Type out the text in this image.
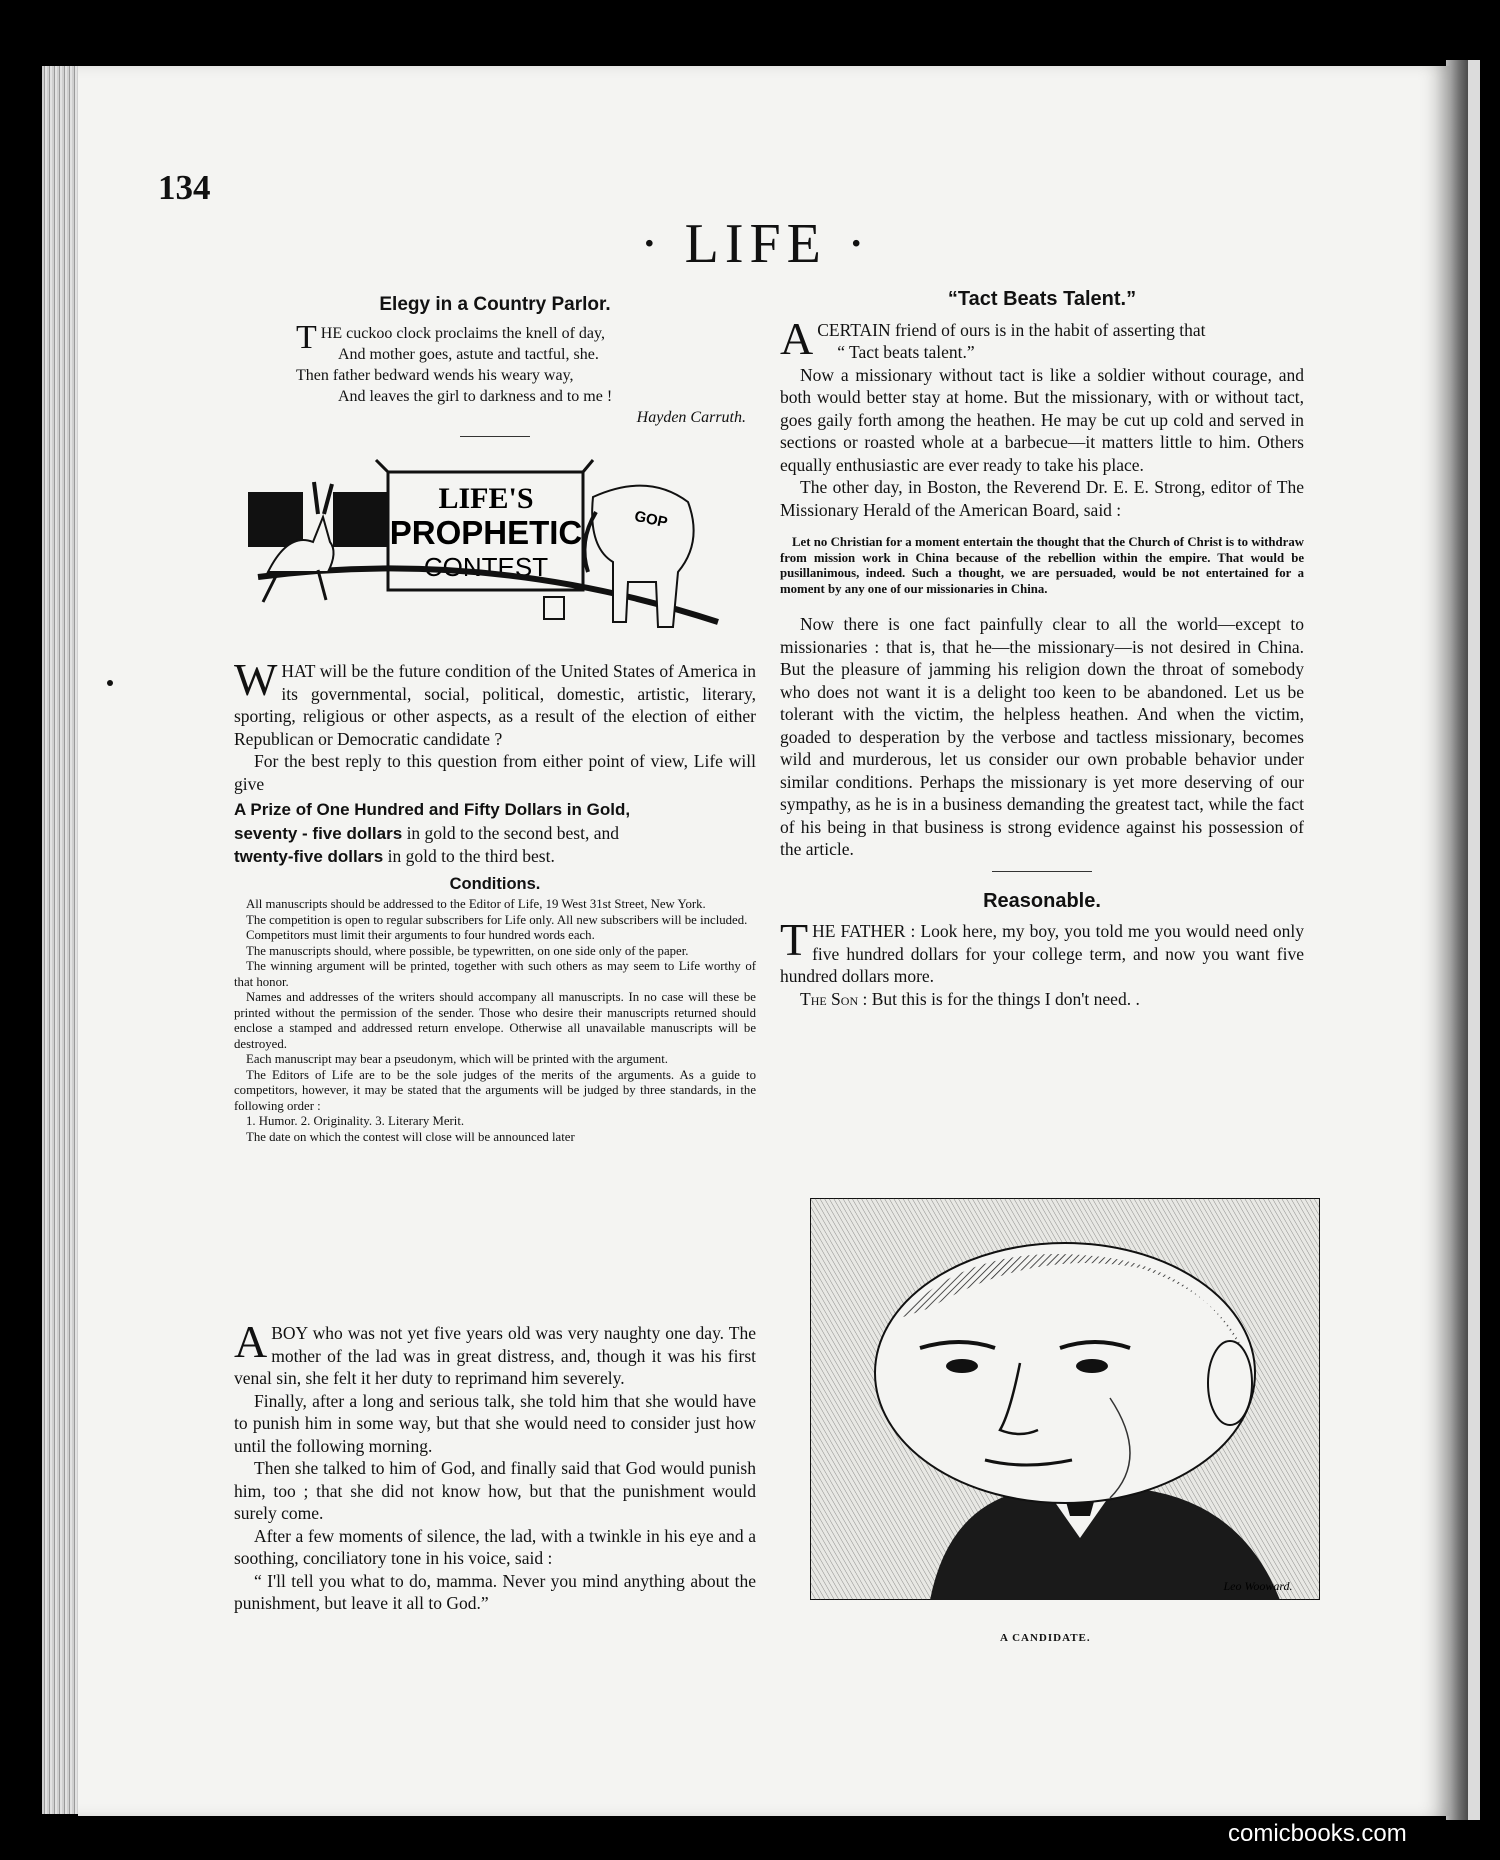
134
· LIFE ·
Elegy in a Country Parlor.
THE cuckoo clock proclaims the knell of day,
And mother goes, astute and tactful, she.
Then father bedward wends his weary way,
And leaves the girl to darkness and to me !
Hayden Carruth.
LIFE'S
PROPHETIC
CONTEST
GOP

WHAT will be the future condition of the United States of America in its governmental, social, political, domestic, artistic, literary, sporting, religious or other aspects, as a result of the election of either Republican or Democratic candidate ?

For the best reply to this question from either point of view, Life will give

A Prize of One Hundred and Fifty Dollars in Gold,

seventy - five dollars in gold to the second best, and

twenty-five dollars in gold to the third best.

Conditions.

All manuscripts should be addressed to the Editor of Life, 19 West 31st Street, New York.

The competition is open to regular subscribers for Life only. All new subscribers will be included.

Competitors must limit their arguments to four hundred words each.

The manuscripts should, where possible, be typewritten, on one side only of the paper.

The winning argument will be printed, together with such others as may seem to Life worthy of that honor.

Names and addresses of the writers should accompany all manuscripts. In no case will these be printed without the permission of the sender. Those who desire their manuscripts returned should enclose a stamped and addressed return envelope. Otherwise all unavailable manuscripts will be destroyed.

Each manuscript may bear a pseudonym, which will be printed with the argument.

The Editors of Life are to be the sole judges of the merits of the arguments. As a guide to competitors, however, it may be stated that the arguments will be judged by three standards, in the following order :

1. Humor. 2. Originality. 3. Literary Merit.

The date on which the contest will close will be announced later

ABOY who was not yet five years old was very naughty one day. The mother of the lad was in great distress, and, though it was his first venal sin, she felt it her duty to reprimand him severely.

Finally, after a long and serious talk, she told him that she would have to punish him in some way, but that she would need to consider just how until the following morning.

Then she talked to him of God, and finally said that God would punish him, too ; that she did not know how, but that the punishment would surely come.

After a few moments of silence, the lad, with a twinkle in his eye and a soothing, conciliatory tone in his voice, said :

“ I'll tell you what to do, mamma. Never you mind anything about the punishment, but leave it all to God.”

“Tact Beats Talent.”

ACERTAIN friend of ours is in the habit of asserting that

“ Tact beats talent.”

Now a missionary without tact is like a soldier without courage, and both would better stay at home. But the missionary, with or without tact, goes gaily forth among the heathen. He may be cut up cold and served in sections or roasted whole at a barbecue—it matters little to him. Others equally enthusiastic are ever ready to take his place.

The other day, in Boston, the Reverend Dr. E. E. Strong, editor of The Missionary Herald of the American Board, said :

Let no Christian for a moment entertain the thought that the Church of Christ is to withdraw from mission work in China because of the rebellion within the empire. That would be pusillanimous, indeed. Such a thought, we are persuaded, would be not entertained for a moment by any one of our missionaries in China.

Now there is one fact painfully clear to all the world—except to missionaries : that is, that he—the missionary—is not desired in China. But the pleasure of jamming his religion down the throat of somebody who does not want it is a delight too keen to be abandoned. Let us be tolerant with the victim, the helpless heathen. And when the victim, goaded to desperation by the verbose and tactless missionary, becomes wild and murderous, let us consider our own probable behavior under similar conditions. Perhaps the missionary is yet more deserving of our sympathy, as he is in a business demanding the greatest tact, while the fact of his being in that business is strong evidence against his possession of the article.

Reasonable.

THE FATHER : Look here, my boy, you told me you would need only five hundred dollars for your college term, and now you want five hundred dollars more.

The Son : But this is for the things I don't need. .

Leo Wooward.
A CANDIDATE.
comicbooks.com
